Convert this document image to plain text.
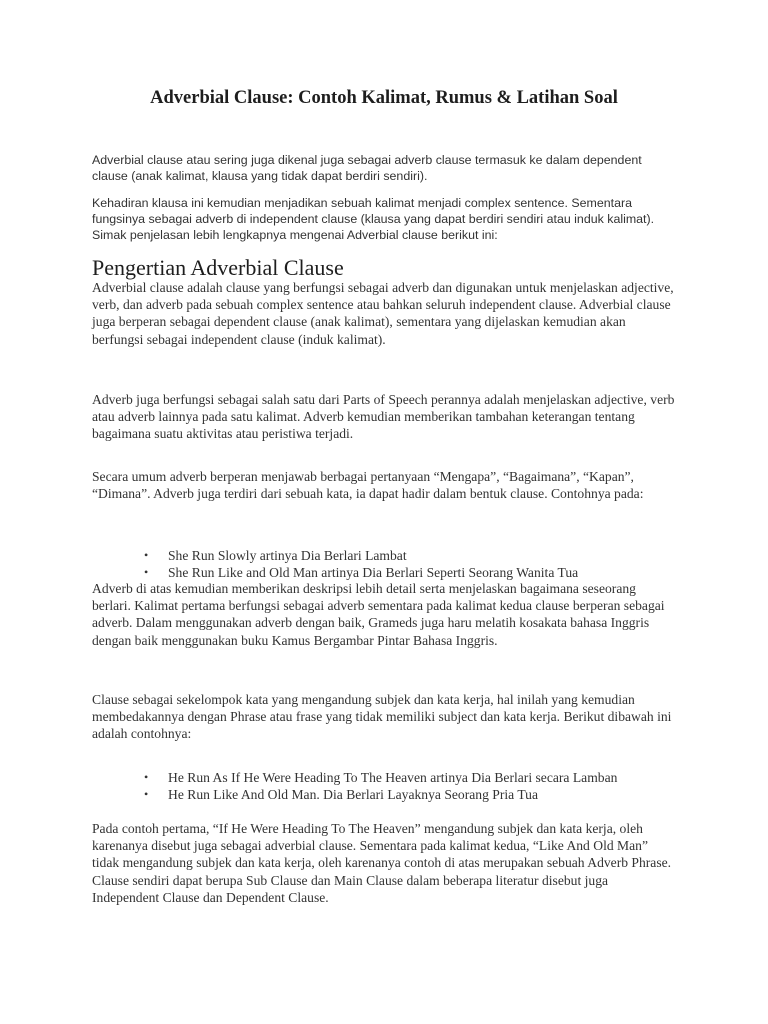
Adverbial Clause: Contoh Kalimat, Rumus & Latihan Soal

Adverbial clause atau sering juga dikenal juga sebagai adverb clause termasuk ke dalam dependent clause (anak kalimat, klausa yang tidak dapat berdiri sendiri).

Kehadiran klausa ini kemudian menjadikan sebuah kalimat menjadi complex sentence. Sementara fungsinya sebagai adverb di independent clause (klausa yang dapat berdiri sendiri atau induk kalimat). Simak penjelasan lebih lengkapnya mengenai Adverbial clause berikut ini:

Pengertian Adverbial Clause

Adverbial clause adalah clause yang berfungsi sebagai adverb dan digunakan untuk menjelaskan adjective, verb, dan adverb pada sebuah complex sentence atau bahkan seluruh independent clause. Adverbial clause juga berperan sebagai dependent clause (anak kalimat), sementara yang dijelaskan kemudian akan berfungsi sebagai independent clause (induk kalimat).

Adverb juga berfungsi sebagai salah satu dari Parts of Speech perannya adalah menjelaskan adjective, verb atau adverb lainnya pada satu kalimat. Adverb kemudian memberikan tambahan keterangan tentang bagaimana suatu aktivitas atau peristiwa terjadi.

Secara umum adverb berperan menjawab berbagai pertanyaan “Mengapa”, “Bagaimana”, “Kapan”, “Dimana”. Adverb juga terdiri dari sebuah kata, ia dapat hadir dalam bentuk clause. Contohnya pada:

• She Run Slowly artinya Dia Berlari Lambat
• She Run Like and Old Man artinya Dia Berlari Seperti Seorang Wanita Tua

Adverb di atas kemudian memberikan deskripsi lebih detail serta menjelaskan bagaimana seseorang berlari. Kalimat pertama berfungsi sebagai adverb sementara pada kalimat kedua clause berperan sebagai adverb. Dalam menggunakan adverb dengan baik, Grameds juga haru melatih kosakata bahasa Inggris dengan baik menggunakan buku Kamus Bergambar Pintar Bahasa Inggris.

Clause sebagai sekelompok kata yang mengandung subjek dan kata kerja, hal inilah yang kemudian membedakannya dengan Phrase atau frase yang tidak memiliki subject dan kata kerja. Berikut dibawah ini adalah contohnya:

• He Run As If He Were Heading To The Heaven artinya Dia Berlari secara Lamban
• He Run Like And Old Man. Dia Berlari Layaknya Seorang Pria Tua

Pada contoh pertama, “If He Were Heading To The Heaven” mengandung subjek dan kata kerja, oleh karenanya disebut juga sebagai adverbial clause. Sementara pada kalimat kedua, “Like And Old Man” tidak mengandung subjek dan kata kerja, oleh karenanya contoh di atas merupakan sebuah Adverb Phrase. Clause sendiri dapat berupa Sub Clause dan Main Clause dalam beberapa literatur disebut juga Independent Clause dan Dependent Clause.
